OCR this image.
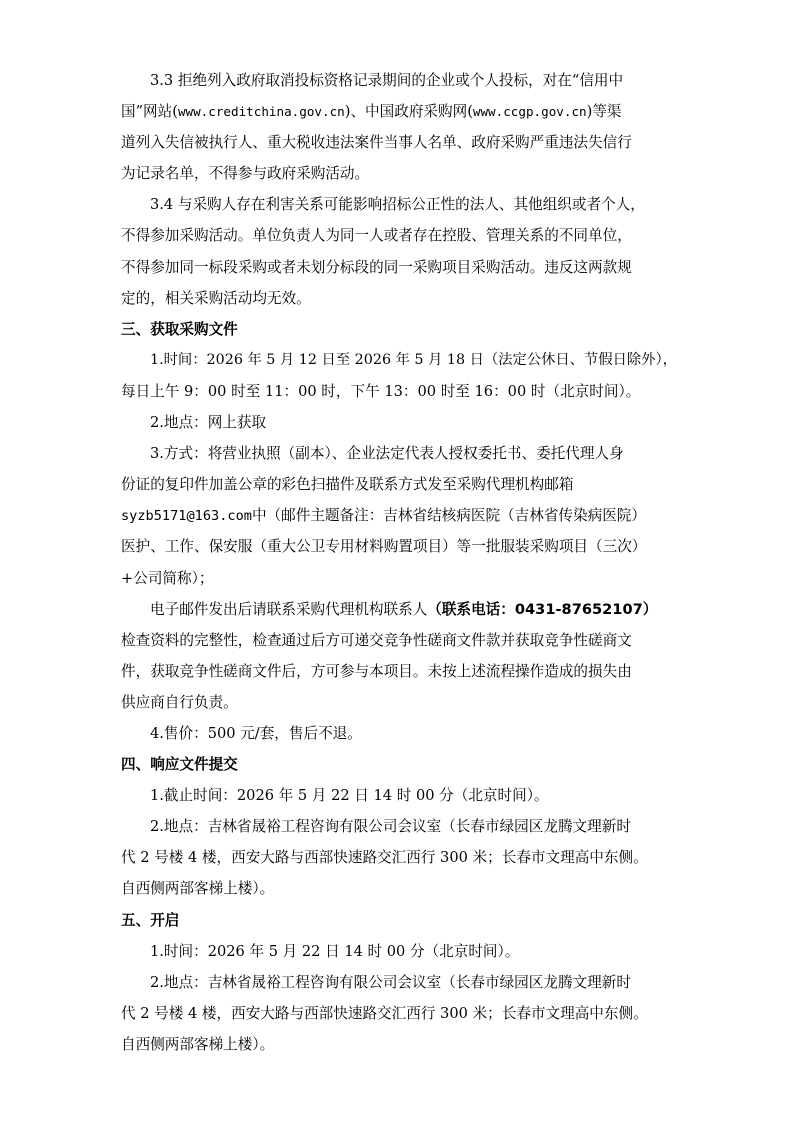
3.3 拒绝列入政府取消投标资格记录期间的企业或个人投标，对在“信用中
国”网站(www.creditchina.gov.cn)、中国政府采购网(www.ccgp.gov.cn)等渠
道列入失信被执行人、重大税收违法案件当事人名单、政府采购严重违法失信行
为记录名单，不得参与政府采购活动。
3.4 与采购人存在利害关系可能影响招标公正性的法人、其他组织或者个人，
不得参加采购活动。单位负责人为同一人或者存在控股、管理关系的不同单位，
不得参加同一标段采购或者未划分标段的同一采购项目采购活动。违反这两款规
定的，相关采购活动均无效。
三、获取采购文件
1.时间：2026 年 5 月 12 日至 2026 年 5 月 18 日（法定公休日、节假日除外），
每日上午 9：00 时至 11：00 时，下午 13：00 时至 16：00 时（北京时间）。
2.地点：网上获取
3.方式：将营业执照（副本）、企业法定代表人授权委托书、委托代理人身
份证的复印件加盖公章的彩色扫描件及联系方式发至采购代理机构邮箱
syzb5171@163.com中（邮件主题备注：吉林省结核病医院（吉林省传染病医院）
医护、工作、保安服（重大公卫专用材料购置项目）等一批服装采购项目（三次）
+公司简称）；
电子邮件发出后请联系采购代理机构联系人（联系电话：0431-87652107）
检查资料的完整性，检查通过后方可递交竞争性磋商文件款并获取竞争性磋商文
件，获取竞争性磋商文件后，方可参与本项目。未按上述流程操作造成的损失由
供应商自行负责。
4.售价：500 元/套，售后不退。
四、响应文件提交
1.截止时间：2026 年 5 月 22 日 14 时 00 分（北京时间）。
2.地点：吉林省晟裕工程咨询有限公司会议室（长春市绿园区龙腾文理新时
代 2 号楼 4 楼，西安大路与西部快速路交汇西行 300 米；长春市文理高中东侧。
自西侧两部客梯上楼）。
五、开启
1.时间：2026 年 5 月 22 日 14 时 00 分（北京时间）。
2.地点：吉林省晟裕工程咨询有限公司会议室（长春市绿园区龙腾文理新时
代 2 号楼 4 楼，西安大路与西部快速路交汇西行 300 米；长春市文理高中东侧。
自西侧两部客梯上楼）。
